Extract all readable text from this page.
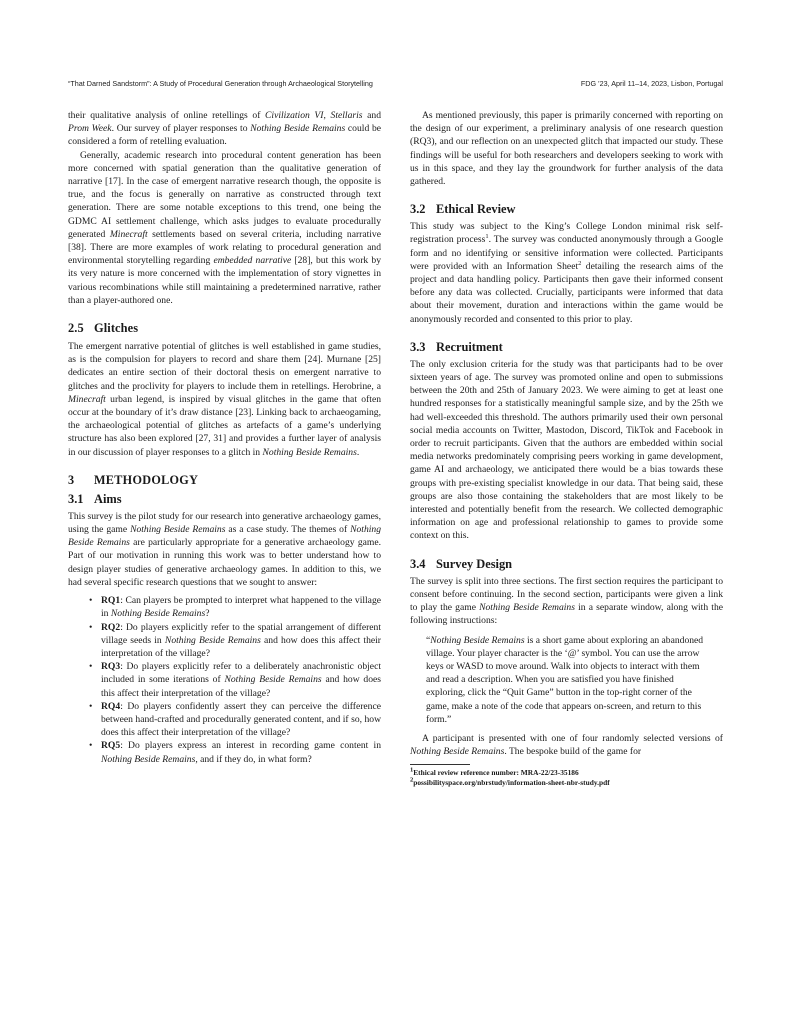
“That Darned Sandstorm”: A Study of Procedural Generation through Archaeological Storytelling	FDG ’23, April 11–14, 2023, Lisbon, Portugal

their qualitative analysis of online retellings of Civilization VI, Stellaris and Prom Week. Our survey of player responses to Nothing Beside Remains could be considered a form of retelling evaluation.

Generally, academic research into procedural content generation has been more concerned with spatial generation than the qualitative generation of narrative [17]. In the case of emergent narrative research though, the opposite is true, and the focus is generally on narrative as constructed through text generation. There are some notable exceptions to this trend, one being the GDMC AI settlement challenge, which asks judges to evaluate procedurally generated Minecraft settlements based on several criteria, including narrative [38]. There are more examples of work relating to procedural generation and environmental storytelling regarding embedded narrative [28], but this work by its very nature is more concerned with the implementation of story vignettes in various recombinations while still maintaining a predetermined narrative, rather than a player-authored one.

2.5 Glitches

The emergent narrative potential of glitches is well established in game studies, as is the compulsion for players to record and share them [24]. Murnane [25] dedicates an entire section of their doctoral thesis on emergent narrative to glitches and the proclivity for players to include them in retellings. Herobrine, a Minecraft urban legend, is inspired by visual glitches in the game that often occur at the boundary of it’s draw distance [23]. Linking back to archaeogaming, the archaeological potential of glitches as artefacts of a game’s underlying structure has also been explored [27, 31] and provides a further layer of analysis in our discussion of player responses to a glitch in Nothing Beside Remains.

3 METHODOLOGY
3.1 Aims

This survey is the pilot study for our research into generative archaeology games, using the game Nothing Beside Remains as a case study. The themes of Nothing Beside Remains are particularly appropriate for a generative archaeology game. Part of our motivation in running this work was to better understand how to design player studies of generative archaeology games. In addition to this, we had several specific research questions that we sought to answer:

• RQ1: Can players be prompted to interpret what happened to the village in Nothing Beside Remains?
• RQ2: Do players explicitly refer to the spatial arrangement of different village seeds in Nothing Beside Remains and how does this affect their interpretation of the village?
• RQ3: Do players explicitly refer to a deliberately anachronistic object included in some iterations of Nothing Beside Remains and how does this affect their interpretation of the village?
• RQ4: Do players confidently assert they can perceive the difference between hand-crafted and procedurally generated content, and if so, how does this affect their interpretation of the village?
• RQ5: Do players express an interest in recording game content in Nothing Beside Remains, and if they do, in what form?

As mentioned previously, this paper is primarily concerned with reporting on the design of our experiment, a preliminary analysis of one research question (RQ3), and our reflection on an unexpected glitch that impacted our study. These findings will be useful for both researchers and developers seeking to work with us in this space, and they lay the groundwork for further analysis of the data gathered.

3.2 Ethical Review

This study was subject to the King’s College London minimal risk self-registration process$^1$. The survey was conducted anonymously through a Google form and no identifying or sensitive information were collected. Participants were provided with an Information Sheet$^2$ detailing the research aims of the project and data handling policy. Participants then gave their informed consent before any data was collected. Crucially, participants were informed that data about their movement, duration and interactions within the game would be anonymously recorded and consented to this prior to play.

3.3 Recruitment

The only exclusion criteria for the study was that participants had to be over sixteen years of age. The survey was promoted online and open to submissions between the 20th and 25th of January 2023. We were aiming to get at least one hundred responses for a statistically meaningful sample size, and by the 25th we had well-exceeded this threshold. The authors primarily used their own personal social media accounts on Twitter, Mastodon, Discord, TikTok and Facebook in order to recruit participants. Given that the authors are embedded within social media networks predominately comprising peers working in game development, game AI and archaeology, we anticipated there would be a bias towards these groups with pre-existing specialist knowledge in our data. That being said, these groups are also those containing the stakeholders that are most likely to be interested and potentially benefit from the research. We collected demographic information on age and professional relationship to games to provide some context on this.

3.4 Survey Design

The survey is split into three sections. The first section requires the participant to consent before continuing. In the second section, participants were given a link to play the game Nothing Beside Remains in a separate window, along with the following instructions:

“Nothing Beside Remains is a short game about exploring an abandoned village. Your player character is the ‘@’ symbol. You can use the arrow keys or WASD to move around. Walk into objects to interact with them and read a description. When you are satisfied you have finished exploring, click the “Quit Game” button in the top-right corner of the game, make a note of the code that appears on-screen, and return to this form.”

A participant is presented with one of four randomly selected versions of Nothing Beside Remains. The bespoke build of the game for

$^1$Ethical review reference number: MRA-22/23-35186
$^2$possibilityspace.org/nbrstudy/information-sheet-nbr-study.pdf
